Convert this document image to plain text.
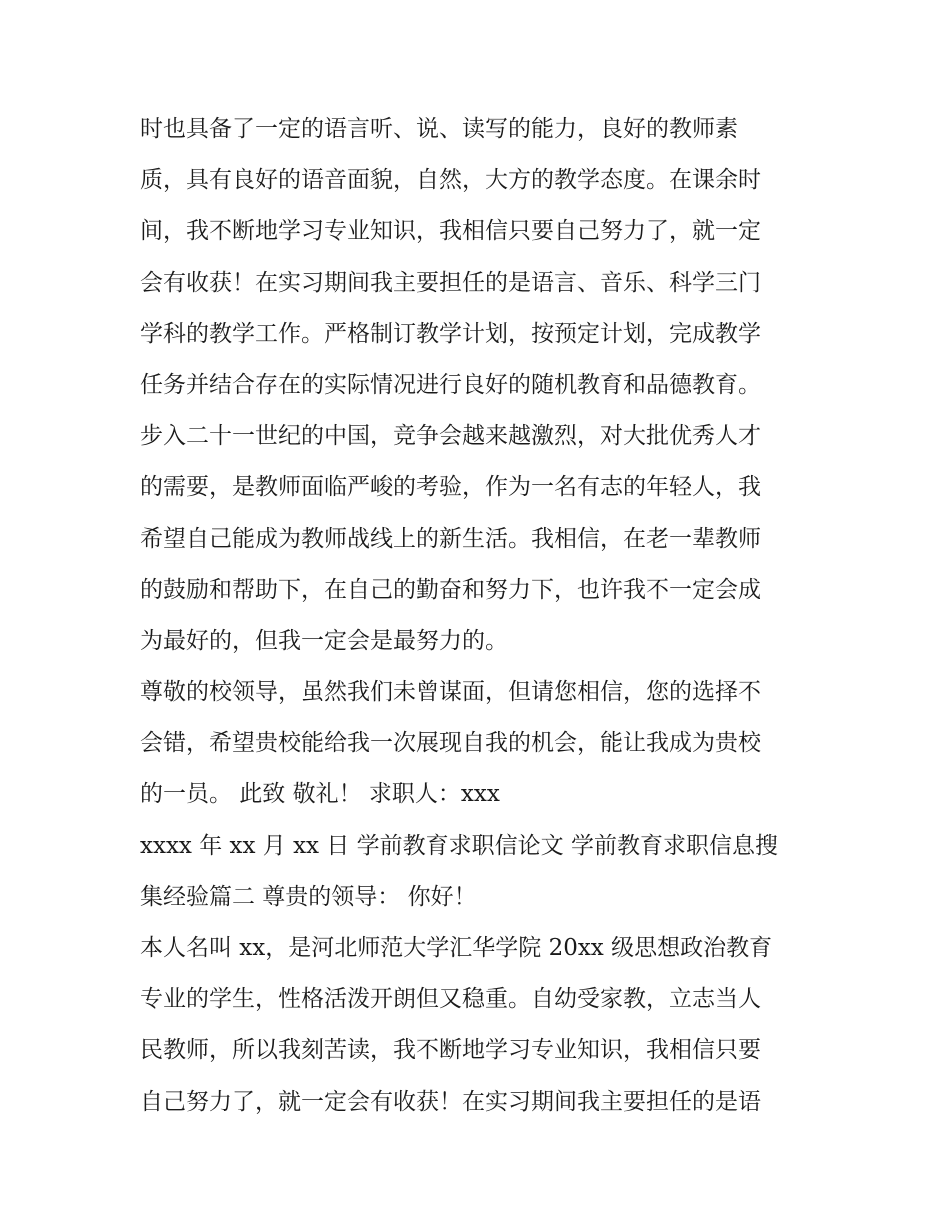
时也具备了一定的语言听、说、读写的能力，良好的教师素
质，具有良好的语音面貌，自然，大方的教学态度。在课余时
间，我不断地学习专业知识，我相信只要自己努力了，就一定
会有收获！在实习期间我主要担任的是语言、音乐、科学三门
学科的教学工作。严格制订教学计划，按预定计划，完成教学
任务并结合存在的实际情况进行良好的随机教育和品德教育。
步入二十一世纪的中国，竞争会越来越激烈，对大批优秀人才
的需要，是教师面临严峻的考验，作为一名有志的年轻人，我
希望自己能成为教师战线上的新生活。我相信，在老一辈教师
的鼓励和帮助下，在自己的勤奋和努力下，也许我不一定会成
为最好的，但我一定会是最努力的。
尊敬的校领导，虽然我们未曾谋面，但请您相信，您的选择不
会错，希望贵校能给我一次展现自我的机会，能让我成为贵校
的一员。 此致 敬礼！ 求职人：xxx
xxxx 年 xx 月 xx 日 学前教育求职信论文 学前教育求职信息搜
集经验篇二 尊贵的领导： 你好！
本人名叫 xx，是河北师范大学汇华学院 20xx 级思想政治教育
专业的学生，性格活泼开朗但又稳重。自幼受家教，立志当人
民教师，所以我刻苦读，我不断地学习专业知识，我相信只要
自己努力了，就一定会有收获！在实习期间我主要担任的是语
